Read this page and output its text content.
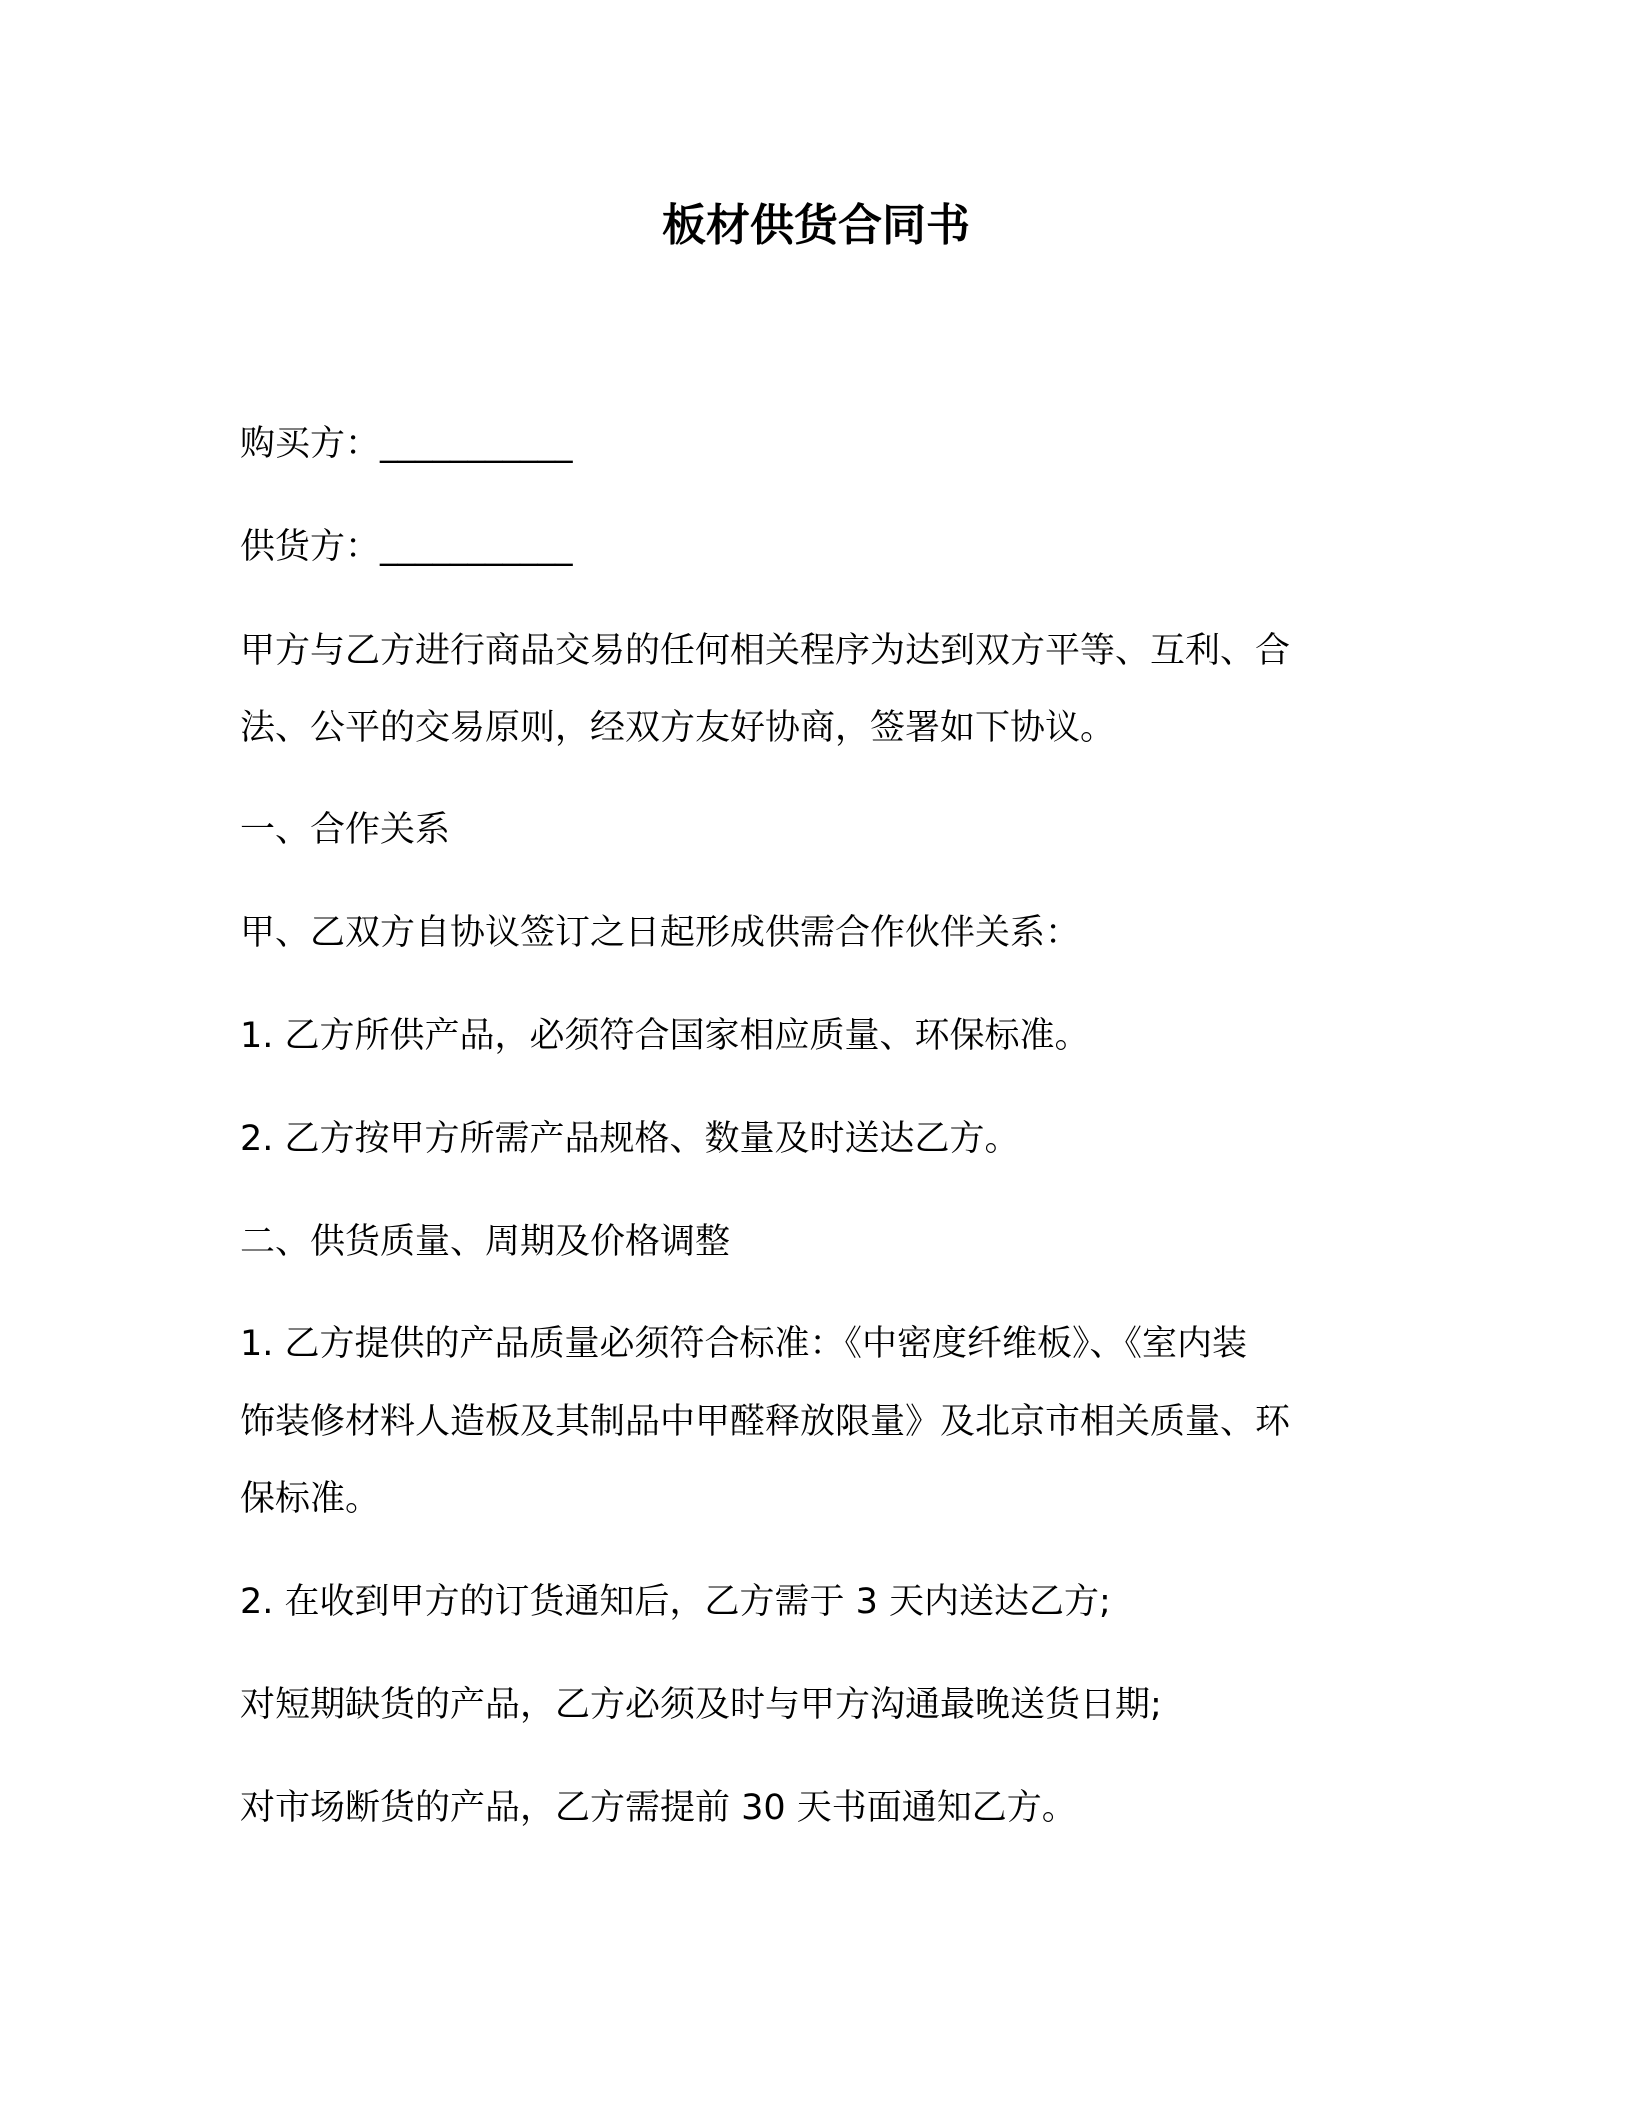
板材供货合同书

购买方：___________

供货方：___________

甲方与乙方进行商品交易的任何相关程序为达到双方平等、互利、合

法、公平的交易原则，经双方友好协商，签署如下协议。

一、合作关系

甲、乙双方自协议签订之日起形成供需合作伙伴关系：

1. 乙方所供产品，必须符合国家相应质量、环保标准。

2. 乙方按甲方所需产品规格、数量及时送达乙方。

二、供货质量、周期及价格调整

1. 乙方提供的产品质量必须符合标准：《中密度纤维板》、《室内装

饰装修材料人造板及其制品中甲醛释放限量》及北京市相关质量、环

保标准。

2. 在收到甲方的订货通知后，乙方需于 3 天内送达乙方;

对短期缺货的产品，乙方必须及时与甲方沟通最晚送货日期;

对市场断货的产品，乙方需提前 30 天书面通知乙方。
